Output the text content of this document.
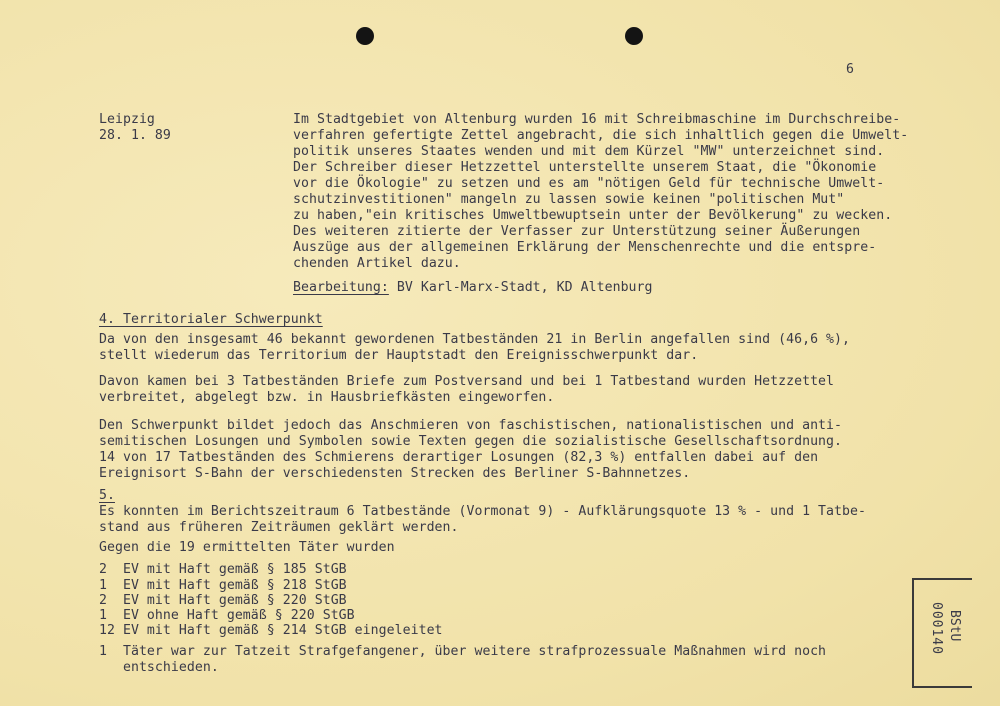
6
Leipzig
28. 1. 89
Im Stadtgebiet von Altenburg wurden 16 mit Schreibmaschine im Durchschreibe-
verfahren gefertigte Zettel angebracht, die sich inhaltlich gegen die Umwelt-
politik unseres Staates wenden und mit dem Kürzel "MW" unterzeichnet sind.
Der Schreiber dieser Hetzzettel unterstellte unserem Staat, die "Ökonomie
vor die Ökologie" zu setzen und es am "nötigen Geld für technische Umwelt-
schutzinvestitionen" mangeln zu lassen sowie keinen "politischen Mut"
zu haben,"ein kritisches Umweltbewuptsein unter der Bevölkerung" zu wecken.
Des weiteren zitierte der Verfasser zur Unterstützung seiner Äußerungen
Auszüge aus der allgemeinen Erklärung der Menschenrechte und die entspre-
chenden Artikel dazu.
Bearbeitung: BV Karl-Marx-Stadt, KD Altenburg
4. Territorialer Schwerpunkt
Da von den insgesamt 46 bekannt gewordenen Tatbeständen 21 in Berlin angefallen sind (46,6 %),
stellt wiederum das Territorium der Hauptstadt den Ereignisschwerpunkt dar.
Davon kamen bei 3 Tatbeständen Briefe zum Postversand und bei 1 Tatbestand wurden Hetzzettel
verbreitet, abgelegt bzw. in Hausbriefkästen eingeworfen.
Den Schwerpunkt bildet jedoch das Anschmieren von faschistischen, nationalistischen und anti-
semitischen Losungen und Symbolen sowie Texten gegen die sozialistische Gesellschaftsordnung.
14 von 17 Tatbeständen des Schmierens derartiger Losungen (82,3 %) entfallen dabei auf den
Ereignisort S-Bahn der verschiedensten Strecken des Berliner S-Bahnnetzes.
5.
Es konnten im Berichtszeitraum 6 Tatbestände (Vormonat 9) - Aufklärungsquote 13 % - und 1 Tatbe-
stand aus früheren Zeiträumen geklärt werden.
Gegen die 19 ermittelten Täter wurden
2  EV mit Haft gemäß § 185 StGB
1  EV mit Haft gemäß § 218 StGB
2  EV mit Haft gemäß § 220 StGB
1  EV ohne Haft gemäß § 220 StGB
12 EV mit Haft gemäß § 214 StGB eingeleitet
1  Täter war zur Tatzeit Strafgefangener, über weitere strafprozessuale Maßnahmen wird noch
entschieden.
BStU
000140
